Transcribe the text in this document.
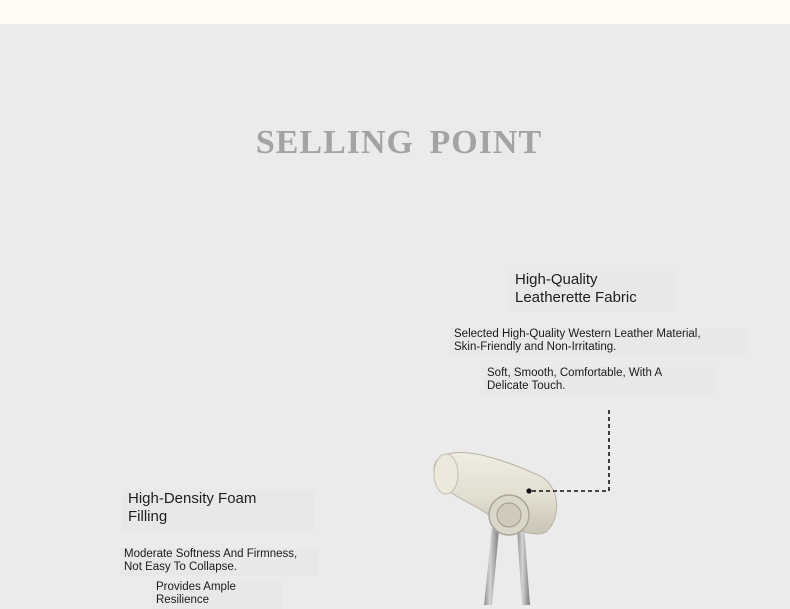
SELLING POINT
High-Quality
Leatherette Fabric
Selected High-Quality Western Leather Material,
Skin-Friendly and Non-Irritating.
Soft, Smooth, Comfortable, With A
Delicate Touch.
High-Density Foam
Filling
Moderate Softness And Firmness,
Not Easy To Collapse.
Provides Ample
Resilience
